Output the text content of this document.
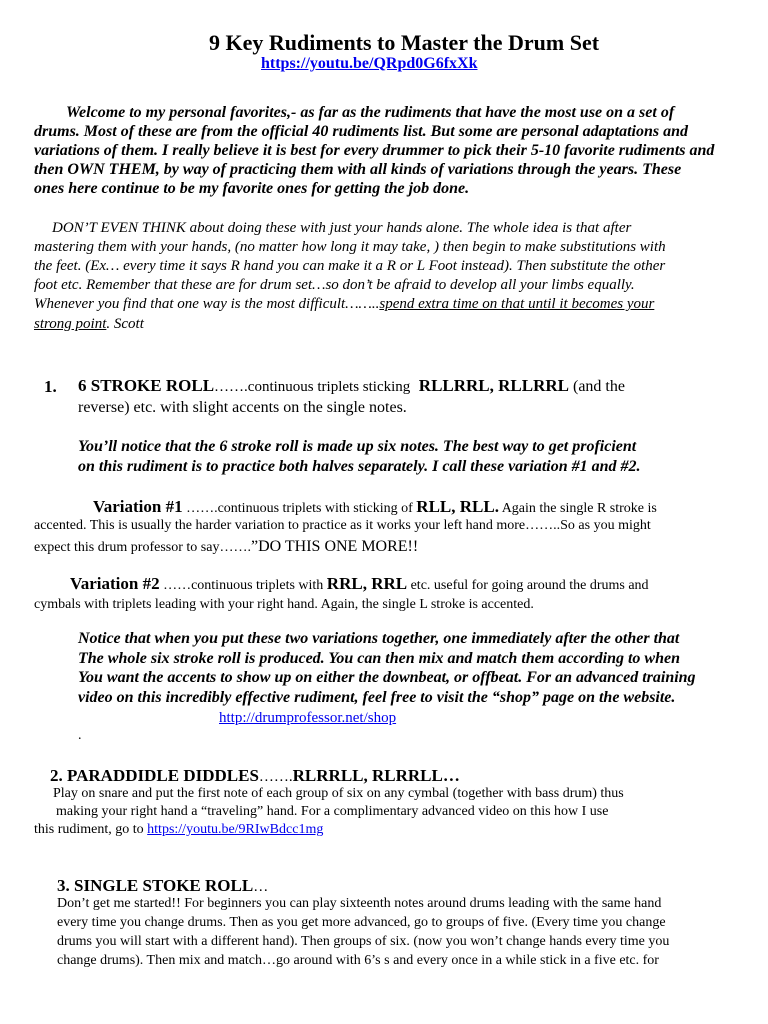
9 Key Rudiments to Master the Drum Set
https://youtu.be/QRpd0G6fxXk
Welcome to my personal favorites,- as far as the rudiments that have the most use on a set of
drums. Most of these are from the official 40 rudiments list. But some are personal adaptations and
variations of them. I really believe it is best for every drummer to pick their 5-10 favorite rudiments and
then OWN THEM, by way of practicing them with all kinds of variations through the years. These
ones here continue to be my favorite ones for getting the job done.
DON’T EVEN THINK about doing these with just your hands alone. The whole idea is that after
mastering them with your hands, (no matter how long it may take, ) then begin to make substitutions with
the feet. (Ex… every time it says R hand you can make it a R or L Foot instead). Then substitute the other
foot etc. Remember that these are for drum set…so don’t be afraid to develop all your limbs equally.
Whenever you find that one way is the most difficult……..spend extra time on that until it becomes your
strong point. Scott
1. 6 STROKE ROLL…….continuous triplets sticking RLLRRL, RLLRRL (and the
reverse) etc. with slight accents on the single notes.
You’ll notice that the 6 stroke roll is made up six notes. The best way to get proficient
on this rudiment is to practice both halves separately. I call these variation #1 and #2.
Variation #1 …….continuous triplets with sticking of RLL, RLL. Again the single R stroke is
accented. This is usually the harder variation to practice as it works your left hand more……..So as you might
expect this drum professor to say…….”DO THIS ONE MORE!!
Variation #2 ……continuous triplets with RRL, RRL etc. useful for going around the drums and
cymbals with triplets leading with your right hand. Again, the single L stroke is accented.
Notice that when you put these two variations together, one immediately after the other that
The whole six stroke roll is produced. You can then mix and match them according to when
You want the accents to show up on either the downbeat, or offbeat. For an advanced training
video on this incredibly effective rudiment, feel free to visit the “shop” page on the website.
http://drumprofessor.net/shop
.
2. PARADDIDLE DIDDLES…….RLRRLL, RLRRLL…
Play on snare and put the first note of each group of six on any cymbal (together with bass drum) thus
making your right hand a “traveling” hand. For a complimentary advanced video on this how I use
this rudiment, go to https://youtu.be/9RIwBdcc1mg
3. SINGLE STOKE ROLL…
Don’t get me started!! For beginners you can play sixteenth notes around drums leading with the same hand
every time you change drums. Then as you get more advanced, go to groups of five. (Every time you change
drums you will start with a different hand). Then groups of six. (now you won’t change hands every time you
change drums). Then mix and match…go around with 6’s s and every once in a while stick in a five etc. for
